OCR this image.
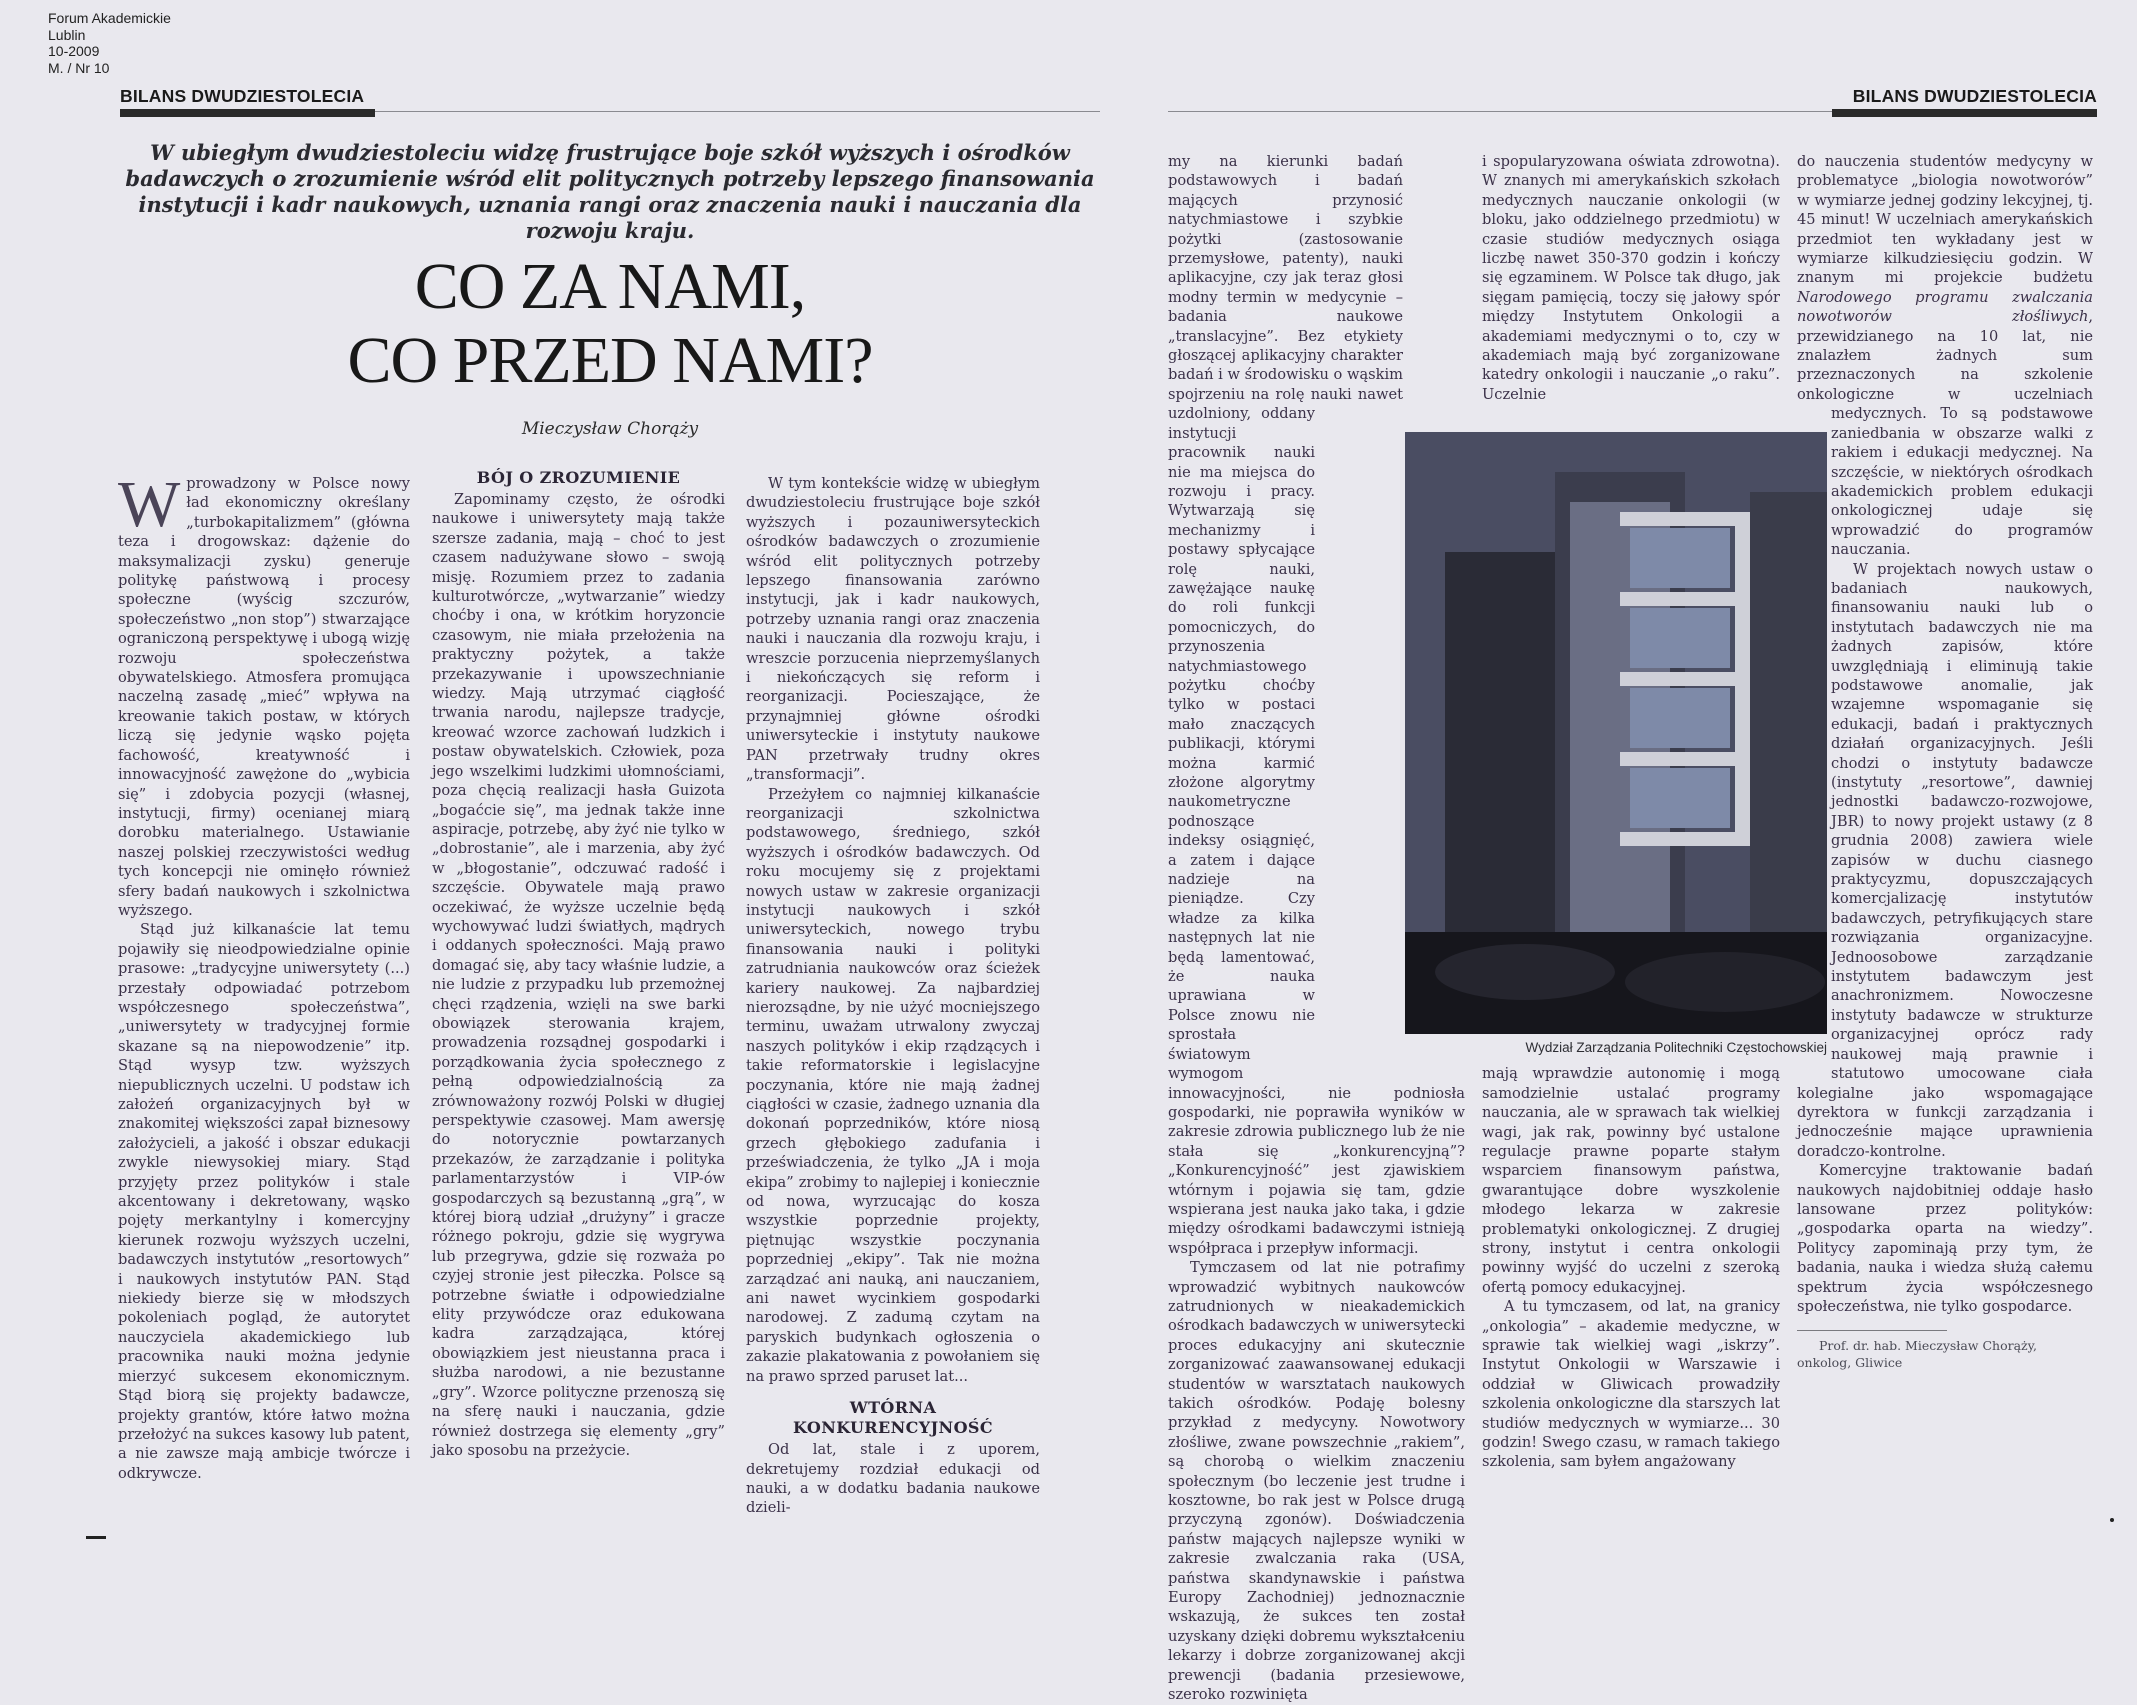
Forum Akademickie
Lublin
10-2009
M. / Nr 10
BILANS DWUDZIESTOLECIA	BILANS DWUDZIESTOLECIA
W ubiegłym dwudziestoleciu widzę frustrujące boje szkół wyższych i ośrodków badawczych o zrozumienie wśród elit politycznych potrzeby lepszego finansowania instytucji i kadr naukowych, uznania rangi oraz znaczenia nauki i nauczania dla rozwoju kraju.
CO ZA NAMI,
CO PRZED NAMI?
Mieczysław Chorąży

Wprowadzony w Polsce nowy ład ekonomiczny określany „turbokapitalizmem” (główna teza i drogowskaz: dążenie do maksymalizacji zysku) generuje politykę państwową i procesy społeczne (wyścig szczurów, społeczeństwo „non stop”) stwarzające ograniczoną perspektywę i ubogą wizję rozwoju społeczeństwa obywatelskiego. Atmosfera promująca naczelną zasadę „mieć” wpływa na kreowanie takich postaw, w których liczą się jedynie wąsko pojęta fachowość, kreatywność i innowacyjność zawężone do „wybicia się” i zdobycia pozycji (własnej, instytucji, firmy) ocenianej miarą dorobku materialnego. Ustawianie naszej polskiej rzeczywistości według tych koncepcji nie ominęło również sfery badań naukowych i szkolnictwa wyższego.

Stąd już kilkanaście lat temu pojawiły się nieodpowiedzialne opinie prasowe: „tradycyjne uniwersytety (...) przestały odpowiadać potrzebom współczesnego społeczeństwa”, „uniwersytety w tradycyjnej formie skazane są na niepowodzenie” itp. Stąd wysyp tzw. wyższych niepublicznych uczelni. U podstaw ich założeń organizacyjnych był w znakomitej większości zapał biznesowy założycieli, a jakość i obszar edukacji zwykle niewysokiej miary. Stąd przyjęty przez polityków i stale akcentowany i dekretowany, wąsko pojęty merkantylny i komercyjny kierunek rozwoju wyższych uczelni, badawczych instytutów „resortowych” i naukowych instytutów PAN. Stąd niekiedy bierze się w młodszych pokoleniach pogląd, że autorytet nauczyciela akademickiego lub pracownika nauki można jedynie mierzyć sukcesem ekonomicznym. Stąd biorą się projekty badawcze, projekty grantów, które łatwo można przełożyć na sukces kasowy lub patent, a nie zawsze mają ambicje twórcze i odkrywcze.

BÓJ O ZROZUMIENIE

Zapominamy często, że ośrodki naukowe i uniwersytety mają także szersze zadania, mają – choć to jest czasem nadużywane słowo – swoją misję. Rozumiem przez to zadania kulturotwórcze, „wytwarzanie” wiedzy choćby i ona, w krótkim horyzoncie czasowym, nie miała przełożenia na praktyczny pożytek, a także przekazywanie i upowszechnianie wiedzy. Mają utrzymać ciągłość trwania narodu, najlepsze tradycje, kreować wzorce zachowań ludzkich i postaw obywatelskich. Człowiek, poza jego wszelkimi ludzkimi ułomnościami, poza chęcią realizacji hasła Guizota „bogaćcie się”, ma jednak także inne aspiracje, potrzebę, aby żyć nie tylko w „dobrostanie”, ale i marzenia, aby żyć w „błogostanie”, odczuwać radość i szczęście. Obywatele mają prawo oczekiwać, że wyższe uczelnie będą wychowywać ludzi światłych, mądrych i oddanych społeczności. Mają prawo domagać się, aby tacy właśnie ludzie, a nie ludzie z przypadku lub przemożnej chęci rządzenia, wzięli na swe barki obowiązek sterowania krajem, prowadzenia rozsądnej gospodarki i porządkowania życia społecznego z pełną odpowiedzialnością za zrównoważony rozwój Polski w długiej perspektywie czasowej. Mam awersję do notorycznie powtarzanych przekazów, że zarządzanie i polityka parlamentarzystów i VIP-ów gospodarczych są bezustanną „grą”, w której biorą udział „drużyny” i gracze różnego pokroju, gdzie się wygrywa lub przegrywa, gdzie się rozważa po czyjej stronie jest piłeczka. Polsce są potrzebne światłe i odpowiedzialne elity przywódcze oraz edukowana kadra zarządzająca, której obowiązkiem jest nieustanna praca i służba narodowi, a nie bezustanne „gry”. Wzorce polityczne przenoszą się na sferę nauki i nauczania, gdzie również dostrzega się elementy „gry” jako sposobu na przeżycie.

W tym kontekście widzę w ubiegłym dwudziestoleciu frustrujące boje szkół wyższych i pozauniwersyteckich ośrodków badawczych o zrozumienie wśród elit politycznych potrzeby lepszego finansowania zarówno instytucji, jak i kadr naukowych, potrzeby uznania rangi oraz znaczenia nauki i nauczania dla rozwoju kraju, i wreszcie porzucenia nieprzemyślanych i niekończących się reform i reorganizacji. Pocieszające, że przynajmniej główne ośrodki uniwersyteckie i instytuty naukowe PAN przetrwały trudny okres „transformacji”.

Przeżyłem co najmniej kilkanaście reorganizacji szkolnictwa podstawowego, średniego, szkół wyższych i ośrodków badawczych. Od roku mocujemy się z projektami nowych ustaw w zakresie organizacji instytucji naukowych i szkół uniwersyteckich, nowego trybu finansowania nauki i polityki zatrudniania naukowców oraz ścieżek kariery naukowej. Za najbardziej nierozsądne, by nie użyć mocniejszego terminu, uważam utrwalony zwyczaj naszych polityków i ekip rządzących i takie reformatorskie i legislacyjne poczynania, które nie mają żadnej ciągłości w czasie, żadnego uznania dla dokonań poprzedników, które niosą grzech głębokiego zadufania i przeświadczenia, że tylko „JA i moja ekipa” zrobimy to najlepiej i koniecznie od nowa, wyrzucając do kosza wszystkie poprzednie projekty, piętnując wszystkie poczynania poprzedniej „ekipy”. Tak nie można zarządzać ani nauką, ani nauczaniem, ani nawet wycinkiem gospodarki narodowej. Z zadumą czytam na paryskich budynkach ogłoszenia o zakazie plakatowania z powołaniem się na prawo sprzed paruset lat...

WTÓRNA
KONKURENCYJNOŚĆ

Od lat, stale i z uporem, dekretujemy rozdział edukacji od nauki, a w dodatku badania naukowe dzieli-

Wydział Zarządzania Politechniki Częstochowskiej

my na kierunki badań podstawowych i badań mających przynosić natychmiastowe i szybkie pożytki (zastosowanie przemysłowe, patenty), nauki aplikacyjne, czy jak teraz głosi modny termin w medycynie – badania naukowe „translacyjne”. Bez etykiety głoszącej aplikacyjny charakter badań i w środowisku o wąskim spojrzeniu na rolę nauki nawet uzdolniony, oddany instytucji pracownik nauki nie ma miejsca do rozwoju i pracy. Wytwarzają się mechanizmy i postawy spłycające rolę nauki, zawężające naukę do roli funkcji pomocniczych, do przynoszenia natychmiastowego pożytku choćby tylko w postaci mało znaczących publikacji, którymi można karmić złożone algorytmy naukometryczne podnoszące indeksy osiągnięć, a zatem i dające nadzieje na pieniądze. Czy władze za kilka następnych lat nie będą lamentować, że nauka uprawiana w Polsce znowu nie sprostała światowym wymogom innowacyjności, nie podniosła gospodarki, nie poprawiła wyników w zakresie zdrowia publicznego lub że nie stała się „konkurencyjną”? „Konkurencyjność” jest zjawiskiem wtórnym i pojawia się tam, gdzie wspierana jest nauka jako taka, i gdzie między ośrodkami badawczymi istnieją współpraca i przepływ informacji.

Tymczasem od lat nie potrafimy wprowadzić wybitnych naukowców zatrudnionych w nieakademickich ośrodkach badawczych w uniwersytecki proces edukacyjny ani skutecznie zorganizować zaawansowanej edukacji studentów w warsztatach naukowych takich ośrodków. Podaję bolesny przykład z medycyny. Nowotwory złośliwe, zwane powszechnie „rakiem”, są chorobą o wielkim znaczeniu społecznym (bo leczenie jest trudne i kosztowne, bo rak jest w Polsce drugą przyczyną zgonów). Doświadczenia państw mających najlepsze wyniki w zakresie zwalczania raka (USA, państwa skandynawskie i państwa Europy Zachodniej) jednoznacznie wskazują, że sukces ten został uzyskany dzięki dobremu wykształceniu lekarzy i dobrze zorganizowanej akcji prewencji (badania przesiewowe, szeroko rozwinięta

i spopularyzowana oświata zdrowotna). W znanych mi amerykańskich szkołach medycznych nauczanie onkologii (w bloku, jako oddzielnego przedmiotu) w czasie studiów medycznych osiąga liczbę nawet 350-370 godzin i kończy się egzaminem. W Polsce tak długo, jak sięgam pamięcią, toczy się jałowy spór między Instytutem Onkologii a akademiami medycznymi o to, czy w akademiach mają być zorganizowane katedry onkologii i nauczanie „o raku”. Uczelnie

mają wprawdzie autonomię i mogą samodzielnie ustalać programy nauczania, ale w sprawach tak wielkiej wagi, jak rak, powinny być ustalone regulacje prawne poparte stałym wsparciem finansowym państwa, gwarantujące dobre wyszkolenie młodego lekarza w zakresie problematyki onkologicznej. Z drugiej strony, instytut i centra onkologii powinny wyjść do uczelni z szeroką ofertą pomocy edukacyjnej.

A tu tymczasem, od lat, na granicy „onkologia” – akademie medyczne, w sprawie tak wielkiej wagi „iskrzy”. Instytut Onkologii w Warszawie i oddział w Gliwicach prowadziły szkolenia onkologiczne dla starszych lat studiów medycznych w wymiarze... 30 godzin! Swego czasu, w ramach takiego szkolenia, sam byłem angażowany

do nauczenia studentów medycyny w problematyce „biologia nowotworów” w wymiarze jednej godziny lekcyjnej, tj. 45 minut! W uczelniach amerykańskich przedmiot ten wykładany jest w wymiarze kilkudziesięciu godzin. W znanym mi projekcie budżetu Narodowego programu zwalczania nowotworów złośliwych, przewidzianego na 10 lat, nie znalazłem żadnych sum przeznaczonych na szkolenie onkologiczne w uczelniach medycznych. To są podstawowe zaniedbania w obszarze walki z rakiem i edukacji medycznej. Na szczęście, w niektórych ośrodkach akademickich problem edukacji onkologicznej udaje się wprowadzić do programów nauczania.

W projektach nowych ustaw o badaniach naukowych, finansowaniu nauki lub o instytutach badawczych nie ma żadnych zapisów, które uwzględniają i eliminują takie podstawowe anomalie, jak wzajemne wspomaganie się edukacji, badań i praktycznych działań organizacyjnych. Jeśli chodzi o instytuty badawcze (instytuty „resortowe”, dawniej jednostki badawczo-rozwojowe, JBR) to nowy projekt ustawy (z 8 grudnia 2008) zawiera wiele zapisów w duchu ciasnego praktycyzmu, dopuszczających komercjalizację instytutów badawczych, petryfikujących stare rozwiązania organizacyjne. Jednoosobowe zarządzanie instytutem badawczym jest anachronizmem. Nowoczesne instytuty badawcze w strukturze organizacyjnej oprócz rady naukowej mają prawnie i statutowo umocowane ciała kolegialne jako wspomagające dyrektora w funkcji zarządzania i jednocześnie mające uprawnienia doradczo-kontrolne.

Komercyjne traktowanie badań naukowych najdobitniej oddaje hasło lansowane przez polityków: „gospodarka oparta na wiedzy”. Politycy zapominają przy tym, że badania, nauka i wiedza służą całemu spektrum życia współczesnego społeczeństwa, nie tylko gospodarce.

Prof. dr. hab. Mieczysław Chorąży, onkolog, Gliwice
